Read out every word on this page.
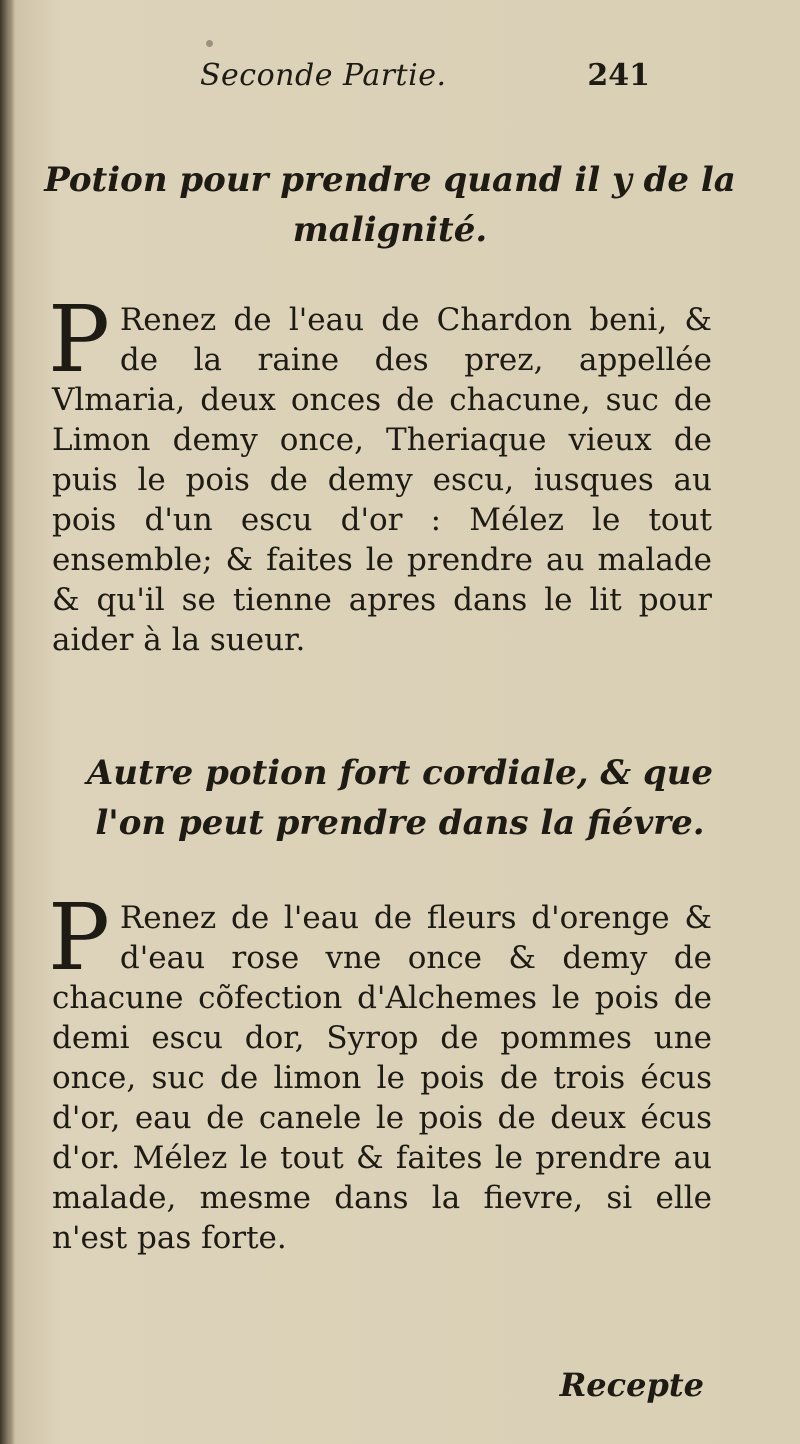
Seconde Partie.	241
Potion pour prendre quand il y de la malignité.
P Renez de l'eau de Chardon beni, & de la raine des prez, appellée Vlmaria, deux onces de chacune, suc de Limon demy once, Theriaque vieux de puis le pois de demy escu, iusques au pois d'un escu d'or : Mélez le tout ensemble; & faites le prendre au malade & qu'il se tienne apres dans le lit pour aider à la sueur.
Autre potion fort cordiale, & que l'on peut prendre dans la fiévre.
P Renez de l'eau de fleurs d'orenge & d'eau rose vne once & demy de chacune cõfection d'Alchemes le pois de demi escu dor, Syrop de pommes une once, suc de limon le pois de trois écus d'or, eau de canele le pois de deux écus d'or. Mélez le tout & faites le prendre au malade, mesme dans la fievre, si elle n'est pas forte.
Recepte
